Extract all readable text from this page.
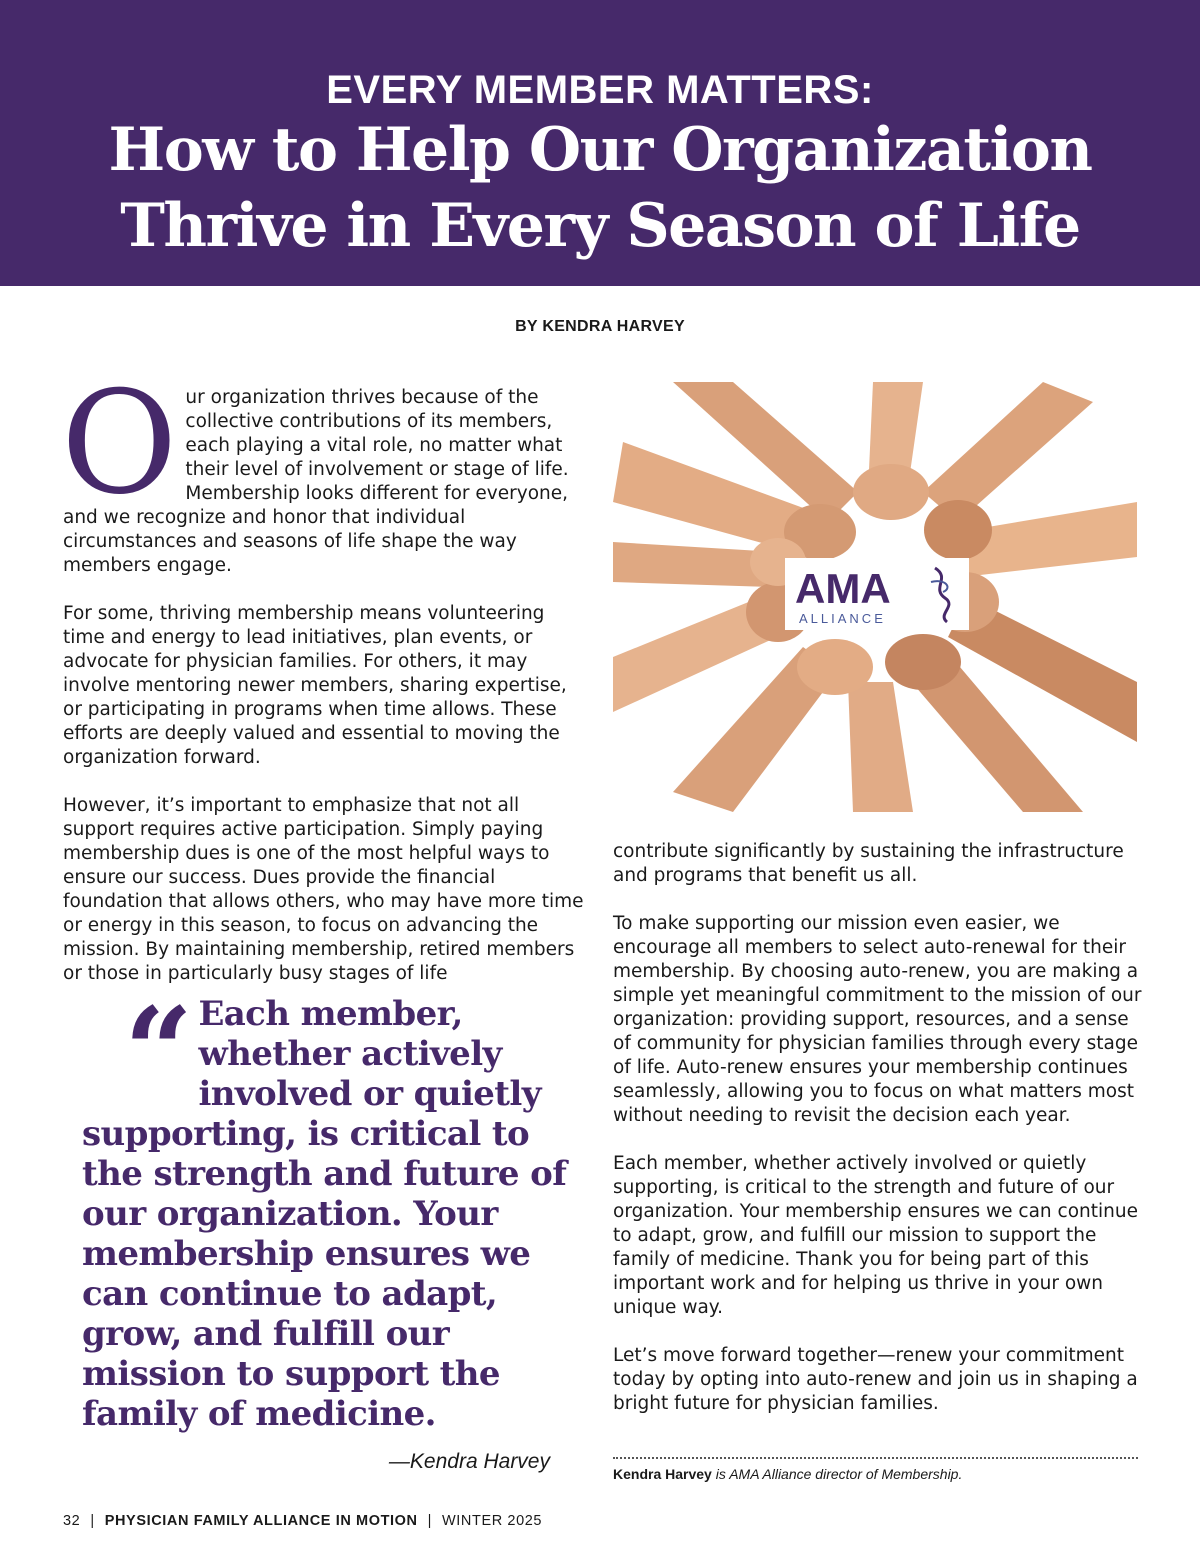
EVERY MEMBER MATTERS:
How to Help Our Organization
Thrive in Every Season of Life
BY KENDRA HARVEY

Our organization thrives because of the collective contributions of its members, each playing a vital role, no matter what their level of involvement or stage of life. Membership looks different for everyone, and we recognize and honor that individual circumstances and seasons of life shape the way members engage.

For some, thriving membership means volunteering time and energy to lead initiatives, plan events, or advocate for physician families. For others, it may involve mentoring newer members, sharing expertise, or participating in programs when time allows. These efforts are deeply valued and essential to moving the organization forward.

However, it’s important to emphasize that not all support requires active participation. Simply paying membership dues is one of the most helpful ways to ensure our success. Dues provide the financial foundation that allows others, who may have more time or energy in this season, to focus on advancing the mission. By maintaining membership, retired members or those in particularly busy stages of life

AMA
ALLIANCE

contribute significantly by sustaining the infrastructure and programs that benefit us all.

To make supporting our mission even easier, we encourage all members to select auto-renewal for their membership. By choosing auto-renew, you are making a simple yet meaningful commitment to the mission of our organization: providing support, resources, and a sense of community for physician families through every stage of life. Auto-renew ensures your membership continues seamlessly, allowing you to focus on what matters most without needing to revisit the decision each year.

Each member, whether actively involved or quietly supporting, is critical to the strength and future of our organization. Your membership ensures we can continue to adapt, grow, and fulfill our mission to support the family of medicine. Thank you for being part of this important work and for helping us thrive in your own unique way.

Let’s move forward together—renew your commitment today by opting into auto-renew and join us in shaping a bright future for physician families.

“ Each member, whether actively involved or quietly supporting, is critical to the strength and future of our organization. Your membership ensures we can continue to adapt, grow, and fulfill our mission to support the family of medicine.
—Kendra Harvey
Kendra Harvey is AMA Alliance director of Membership.
32 | PHYSICIAN FAMILY ALLIANCE IN MOTION | WINTER 2025
